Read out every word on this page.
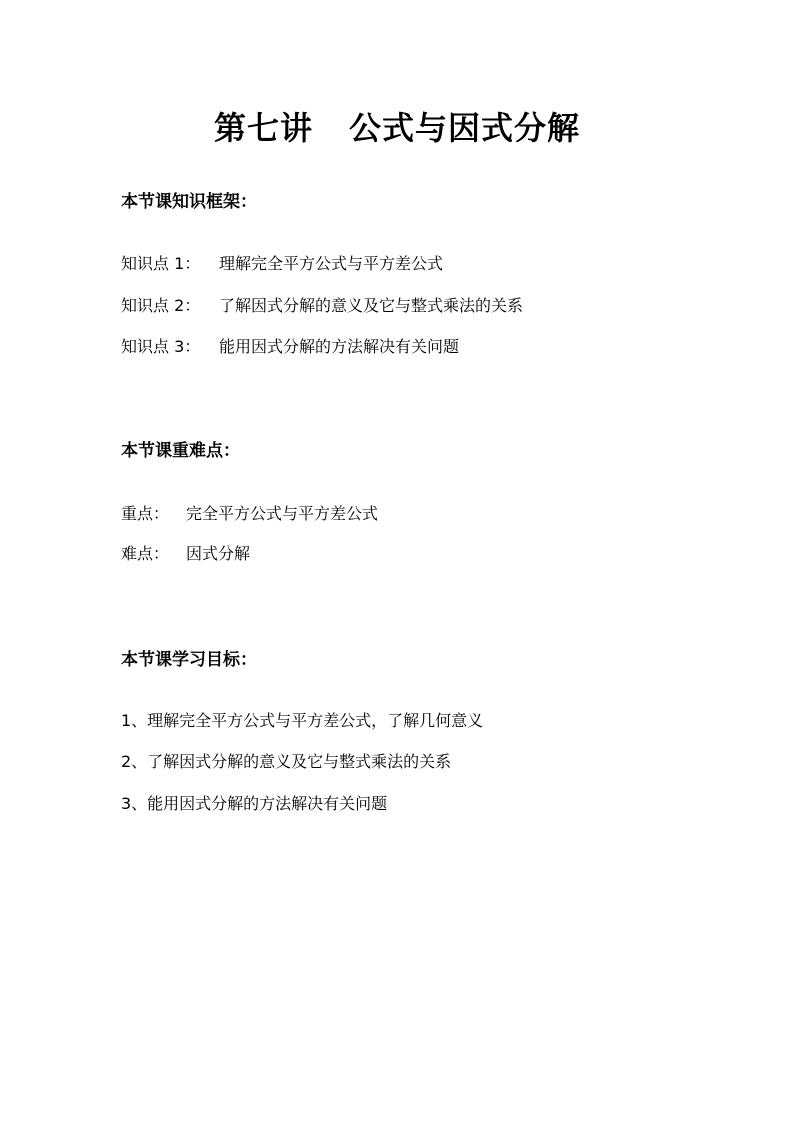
第七讲 公式与因式分解
本节课知识框架：
知识点 1： 理解完全平方公式与平方差公式
知识点 2： 了解因式分解的意义及它与整式乘法的关系
知识点 3： 能用因式分解的方法解决有关问题
本节课重难点：
重点： 完全平方公式与平方差公式
难点： 因式分解
本节课学习目标：
1、理解完全平方公式与平方差公式，了解几何意义
2、了解因式分解的意义及它与整式乘法的关系
3、能用因式分解的方法解决有关问题
